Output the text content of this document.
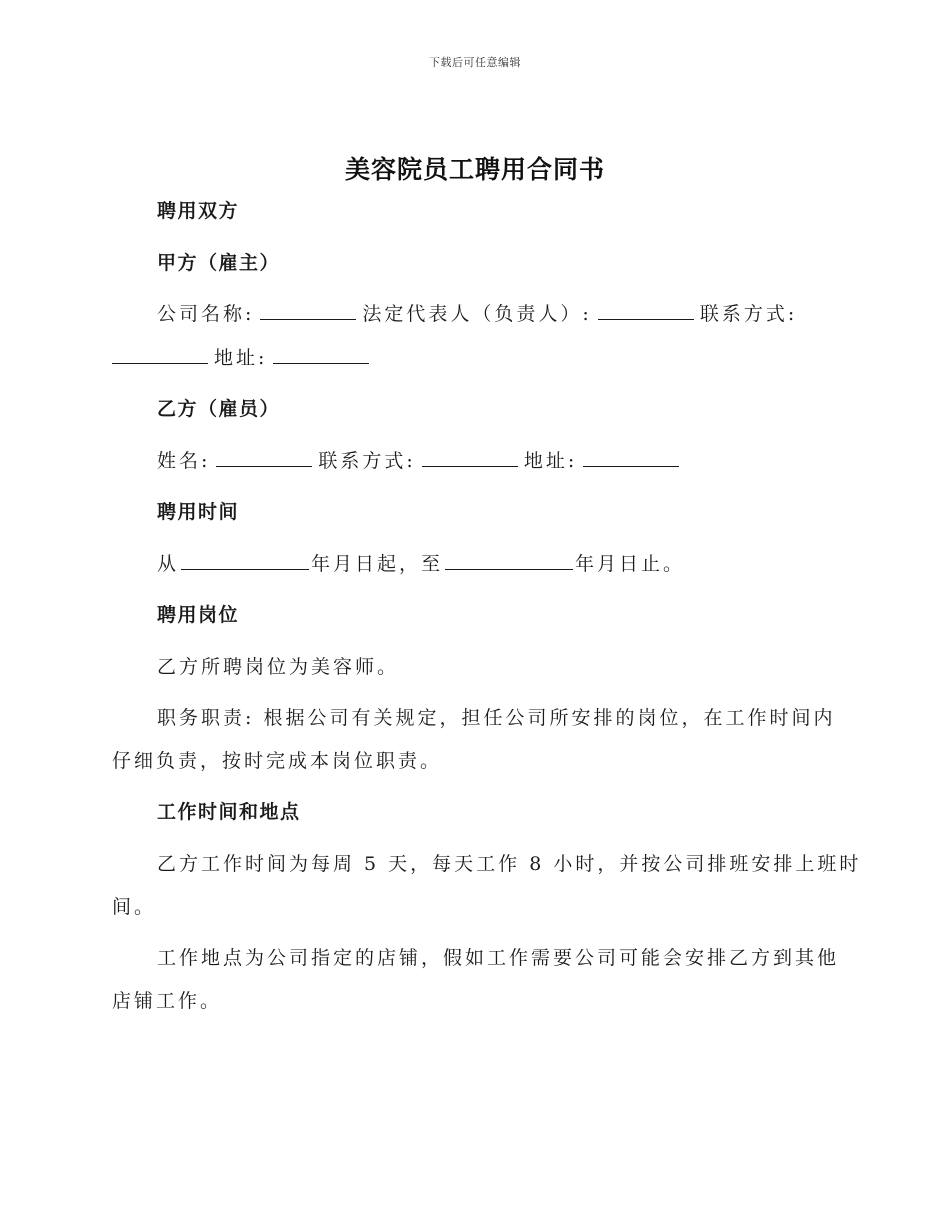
下载后可任意编辑
美容院员工聘用合同书
聘用双方
甲方（雇主）
公司名称:	法定代表人（负责人）:	联系方式:
地址:
乙方（雇员）
姓名:	联系方式:	地址:
聘用时间
从	年月日起，至	年月日止。
聘用岗位
乙方所聘岗位为美容师。
职务职责: 根据公司有关规定，担任公司所安排的岗位，在工作时间内
仔细负责，按时完成本岗位职责。
工作时间和地点
乙方工作时间为每周 5 天，每天工作 8 小时，并按公司排班安排上班时
间。
工作地点为公司指定的店铺，假如工作需要公司可能会安排乙方到其他
店铺工作。
